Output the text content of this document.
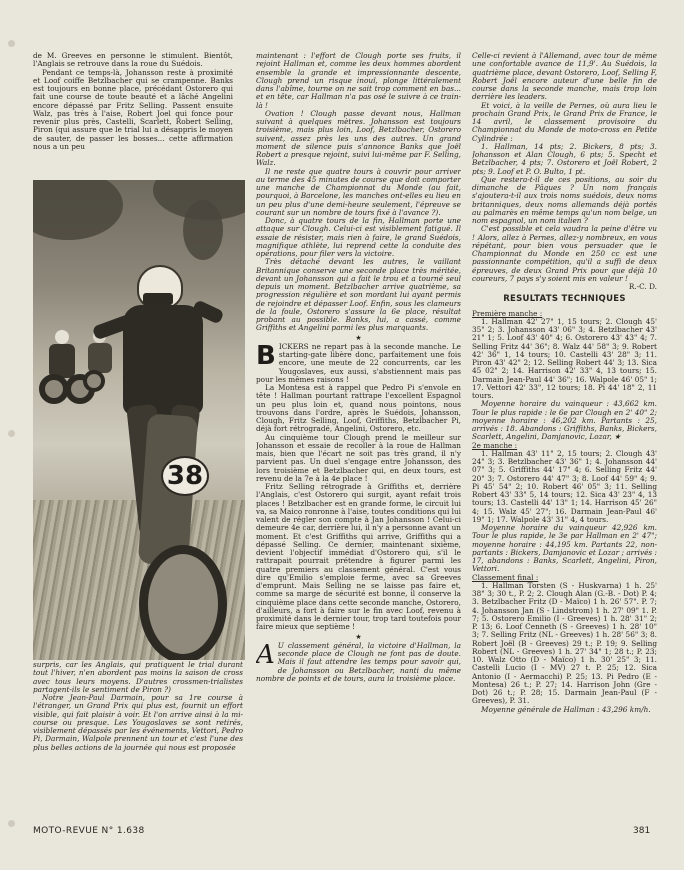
de M. Greeves en personne le stimulent. Bientôt, l'Anglais se retrouve dans la roue du Suédois.

Pendant ce temps-là, Johansson reste à proximité et Loof coiffe Betzlbacher qui se crampenne. Banks est toujours en bonne place, précédant Ostorero qui fait une course de toute beauté et a lâché Angelini encore dépassé par Fritz Selling. Passent ensuite Walz, pas très à l'aise, Robert Joel qui fonce pour revenir plus près, Castelli, Scarlett, Robert Selling, Piron (qui assure que le trial lui a désappris le moyen de sauter, de passer les bosses... cette affirmation nous a un peu

38

surpris, car les Anglais, qui pratiquent le trial durant tout l'hiver, n'en abordent pas moins la saison de cross avec tous leurs moyens. D'autres crossmen-trialistes partagent-ils le sentiment de Piron ?)

Notre Jean-Paul Darmain, pour sa 1re course à l'étranger, un Grand Prix qui plus est, fournit un effort visible, qui fait plaisir à voir. Et l'on arrive ainsi à la mi-course ou presque. Les Yougoslaves se sont retirés, visiblement dépassés par les événements, Vettori, Pedro Pi, Darmain, Walpole prennent un tour et c'est l'une des plus belles actions de la journée qui nous est proposée

maintenant : l'effort de Clough porte ses fruits, il rejoint Hallman et, comme les deux hommes abordent ensemble la grande et impressionnante descente, Clough prend un risque inouï, plonge littéralement dans l'abîme, tourne on ne sait trop comment en bas... et en tête, car Hallman n'a pas osé le suivre à ce train-là !

Ovation ! Clough passe devant nous, Hallman suivant à quelques mètres. Johansson est toujours troisième, mais plus loin, Loof, Betzlbacher, Ostorero suivent, assez près les uns des autres. Un grand moment de silence puis s'annonce Banks que Joël Robert a presque rejoint, suivi lui-même par F. Selling, Walz.

Il ne reste que quatre tours à couvrir pour arriver au terme des 45 minutes de course que doit comporter une manche de Championnat du Monde (au fait, pourquoi, à Barcelone, les manches ont-elles eu lieu en un peu plus d'une demi-heure seulement, l'épreuve se courant sur un nombre de tours fixé à l'avance ?).

Donc, à quatre tours de la fin, Hallman porte une attaque sur Clough. Celui-ci est visiblement fatigué. Il essaie de résister, mais rien à faire, le grand Suédois, magnifique athlète, lui reprend cette la conduite des opérations, pour filer vers la victoire.

Très détaché devant les autres, le vaillant Britannique conserve une seconde place très méritée, devant un Johansson qui a fait le trou et a tourné seul depuis un moment. Betzlbacher arrive quatrième, sa progression régulière et son mordant lui ayant permis de rejoindre et dépasser Loof. Enfin, sous les clameurs de la foule, Ostorero s'assure la 6e place, résultat probant au possible. Banks, lui, a cassé, comme Griffiths et Angelini parmi les plus marquants.

★

BICKERS ne repart pas à la seconde manche. Le starting-gate libère donc, parfaitement une fois encore, une meute de 22 concurrents, car les Yougoslaves, eux aussi, s'abstiennent mais pas pour les mêmes raisons !

La Montesa est à rappel que Pedro Pi s'envole en tête ! Hallman pourtant rattrape l'excellent Espagnol un peu plus loin et, quand nous pointons, nous trouvons dans l'ordre, après le Suédois, Johansson, Clough, Fritz Selling, Loof, Griffiths, Betzlbacher Pi, déjà fort rétrogradé, Angelini, Ostorero, etc.

Au cinquième tour Clough prend le meilleur sur Johansson et essaie de recoller à la roue de Hallman mais, bien que l'écart ne soit pas très grand, il n'y parvient pas. Un duel s'engage entre Johansson, des lors troisième et Betzlbacher qui, en deux tours, est revenu de la 7e à la 4e place !

Fritz Selling rétrograde à Griffiths et, derrière l'Anglais, c'est Ostorero qui surgit, ayant refait trois places ! Betzlbacher est en grande forme, le circuit lui va, sa Maico ronronne à l'aise, toutes conditions qui lui valent de régler son compte à Jan Johansson ! Celui-ci demeure 4e car, derrière lui, il n'y a personne avant un moment. Et c'est Griffiths qui arrive, Griffiths qui a dépassé Selling. Ce dernier, maintenant sixième, devient l'objectif immédiat d'Ostorero qui, s'il le rattrapait pourrait prétendre à figurer parmi les quatre premiers au classement général. C'est vous dire qu'Emilio s'emploie ferme, avec sa Greeves d'emprunt. Mais Selling ne se laisse pas faire et, comme sa marge de sécurité est bonne, il conserve la cinquième place dans cette seconde manche, Ostorero, d'ailleurs, a fort à faire sur le fin avec Loof, revenu à proximité dans le dernier tour, trop tard toutefois pour faire mieux que septième !

★

A U classement général, la victoire d'Hallman, la seconde place de Clough ne font pas de doute. Mais il faut attendre les temps pour savoir qui, de Johansson ou Betzlbacher, nanti du même nombre de points et de tours, aura la troisième place.

Celle-ci revient à l'Allemand, avec tour de même une confortable avance de 11,9'. Au Suédois, la quatrième place, devant Ostorero, Loof, Selling F, Robert Joël encore auteur d'une belle fin de course dans la seconde manche, mais trop loin derrière les leaders.

Et voici, à la veille de Pernes, où aura lieu le prochain Grand Prix, le Grand Prix de France, le 14 avril, le classement provisoire du Championnat du Monde de moto-cross en Petite Cylindrée :

1. Hallman, 14 pts; 2. Bickers, 8 pts; 3. Johansson et Alan Clough, 6 pts; 5. Specht et Betzlbacher, 4 pts; 7. Ostorero et Joël Robert, 2 pts; 9. Loof et P. O. Bulto, 1 pt.

Que restera-t-il de ces positions, au soir du dimanche de Pâques ? Un nom français s'ajoutera-t-il aux trois noms suédois, deux noms britanniques, deux noms allemands déjà portés au palmarès en même temps qu'un nom belge, un nom espagnol, un nom italien ?

C'est possible et cela vaudra la peine d'être vu ! Alors, allez à Pernes, allez-y nombreux, en vous répétant, pour bien vous persuader que le Championnat du Monde en 250 cc est une passionnante compétition, qu'il a suffi de deux épreuves, de deux Grand Prix pour que déjà 10 coureurs, 7 pays s'y soient mis en valeur !

R.-C. D.

RESULTATS TECHNIQUES

Première manche :

1. Hallman 42' 27" 1, 15 tours; 2. Clough 45' 35" 2; 3. Johansson 43' 06" 3; 4. Betzlbacher 43' 21" 1; 5. Loof 43' 40" 4; 6. Ostorero 43' 43" 4; 7. Selling Fritz 44' 36"; 8. Walz 44' 58" 3; 9. Robert 42' 36" 1, 14 tours; 10. Castelli 43' 28" 3; 11. Piron 43' 42" 2; 12. Selling Robert 44' 3; 13. Sica 45 02" 2; 14. Harrison 42' 33" 4, 13 tours; 15. Darmain Jean-Paul 44' 36"; 16. Walpole 46' 05" 1; 17. Vettori 42' 33", 12 tours; 18. Pi 44' 18" 2, 11 tours.

Moyenne horaire du vainqueur : 43,662 km. Tour le plus rapide : le 6e par Clough en 2' 40" 2; moyenne horaire : 46,202 km. Partants : 25, arrivés : 18. Abandons : Griffiths, Banks, Bickers, Scarlett, Angelini, Damjanovic, Lozar, ★

2e manche :

1. Hallman 43' 11" 2, 15 tours; 2. Clough 43' 24" 3; 3. Betzlbacher 43' 36" 1; 4. Johansson 44' 07" 3; 5. Griffiths 44' 17" 4; 6. Selling Fritz 44' 20" 3; 7. Ostorero 44' 47" 3; 8. Loof 44' 59" 4; 9. Pi 45' 54" 2; 10. Robert 46' 05" 3; 11. Selling Robert 43' 33" 5, 14 tours; 12. Sica 43' 23" 4, 13 tours; 13. Castelli 44' 13" 1; 14. Harrison 45' 26" 4; 15. Walz 45' 27"; 16. Darmain Jean-Paul 46' 19" 1; 17. Walpole 43' 31" 4, 4 tours.

Moyenne horaire du vainqueur 42,926 km. Tour le plus rapide, le 3e par Hallman en 2' 47"; moyenne horaire : 44,195 km. Partants 22, non-partants : Bickers, Damjanovic et Lozar ; arrivés : 17, abandons : Banks, Scarlett, Angelini, Piron, Vettori.

Classement final :

1. Hallman Torsten (S - Huskvarna) 1 h. 25' 38" 3; 30 t., P. 2; 2. Clough Alan (G.-B. - Dot) P. 4; 3. Betzlbacher Fritz (D - Maïco) 1 h. 26' 57". P. 7; 4. Johansson Jan (S - Lindstrom) 1 h. 27' 09" 1. P. 7; 5. Ostorero Emilio (I - Greeves) 1 h. 28' 31" 2; P. 13; 6. Loof Cenneth (S - Greeves) 1 h. 28' 10" 3; 7. Selling Fritz (NL - Greeves) 1 h. 28' 56" 3; 8. Robert Joël (B - Greeves) 29 t.; P. 19; 9. Selling Robert (NL - Greeves) 1 h. 27' 34" 1; 28 t.; P. 23; 10. Walz Otto (D - Maïco) 1 h. 30' 25" 3; 11. Castelli Lucio (I - MV) 27 t. P. 25; 12. Sica Antonio (I - Aermacchi) P. 25; 13. Pi Pedro (E - Montesa) 26 t.; P. 27; 14. Harrison John (Gre - Dot) 26 t.; P. 28; 15. Darmain Jean-Paul (F - Greeves), P. 31.

Moyenne générale de Hallman : 43,296 km/h.

MOTO-REVUE N° 1.638	381
